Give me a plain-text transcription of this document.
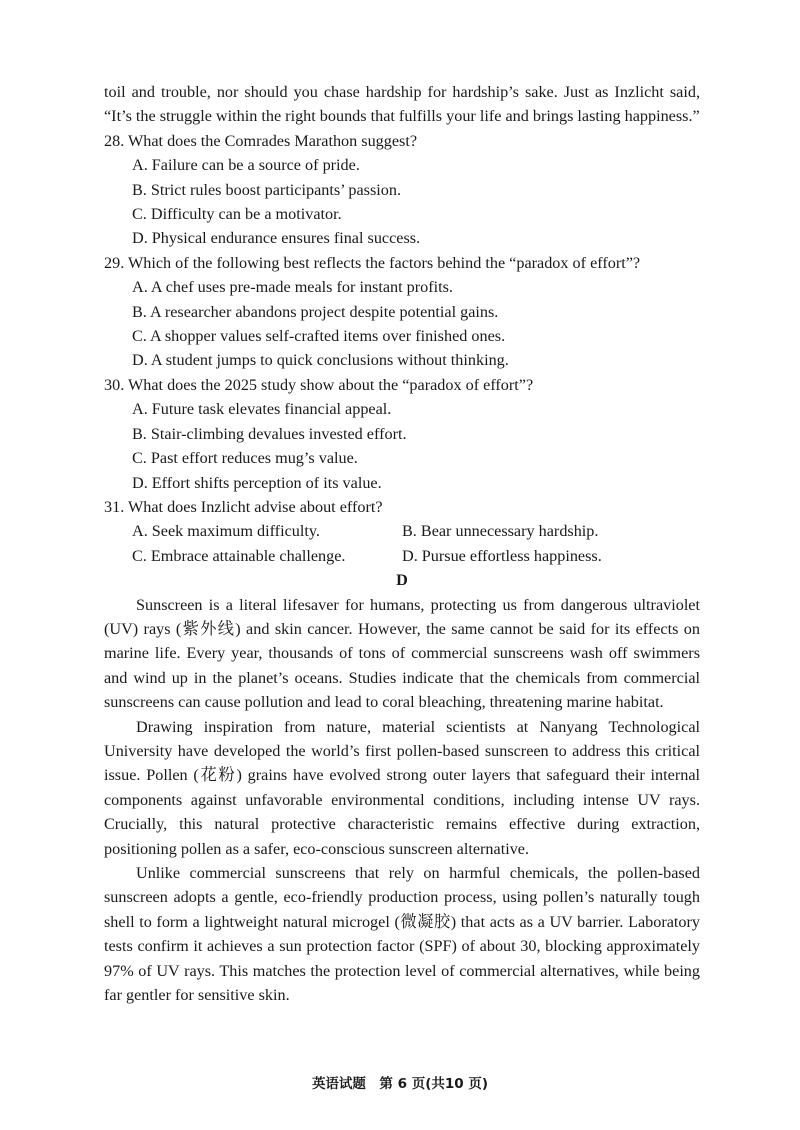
toil and trouble, nor should you chase hardship for hardship’s sake. Just as Inzlicht said, “It’s the struggle within the right bounds that fulfills your life and brings lasting happiness.”

28. What does the Comrades Marathon suggest?

A. Failure can be a source of pride.

B. Strict rules boost participants’ passion.

C. Difficulty can be a motivator.

D. Physical endurance ensures final success.

29. Which of the following best reflects the factors behind the “paradox of effort”?

A. A chef uses pre-made meals for instant profits.

B. A researcher abandons project despite potential gains.

C. A shopper values self-crafted items over finished ones.

D. A student jumps to quick conclusions without thinking.

30. What does the 2025 study show about the “paradox of effort”?

A. Future task elevates financial appeal.

B. Stair-climbing devalues invested effort.

C. Past effort reduces mug’s value.

D. Effort shifts perception of its value.

31. What does Inzlicht advise about effort?

A. Seek maximum difficulty.	B. Bear unnecessary hardship.
C. Embrace attainable challenge.	D. Pursue effortless happiness.

D

Sunscreen is a literal lifesaver for humans, protecting us from dangerous ultraviolet (UV) rays (紫外线) and skin cancer. However, the same cannot be said for its effects on marine life. Every year, thousands of tons of commercial sunscreens wash off swimmers and wind up in the planet’s oceans. Studies indicate that the chemicals from commercial sunscreens can cause pollution and lead to coral bleaching, threatening marine habitat.

Drawing inspiration from nature, material scientists at Nanyang Technological University have developed the world’s first pollen-based sunscreen to address this critical issue. Pollen (花粉) grains have evolved strong outer layers that safeguard their internal components against unfavorable environmental conditions, including intense UV rays. Crucially, this natural protective characteristic remains effective during extraction, positioning pollen as a safer, eco-conscious sunscreen alternative.

Unlike commercial sunscreens that rely on harmful chemicals, the pollen-based sunscreen adopts a gentle, eco-friendly production process, using pollen’s naturally tough shell to form a lightweight natural microgel (微凝胶) that acts as a UV barrier. Laboratory tests confirm it achieves a sun protection factor (SPF) of about 30, blocking approximately 97% of UV rays. This matches the protection level of commercial alternatives, while being far gentler for sensitive skin.

英语试题　第 6 页(共10 页)
